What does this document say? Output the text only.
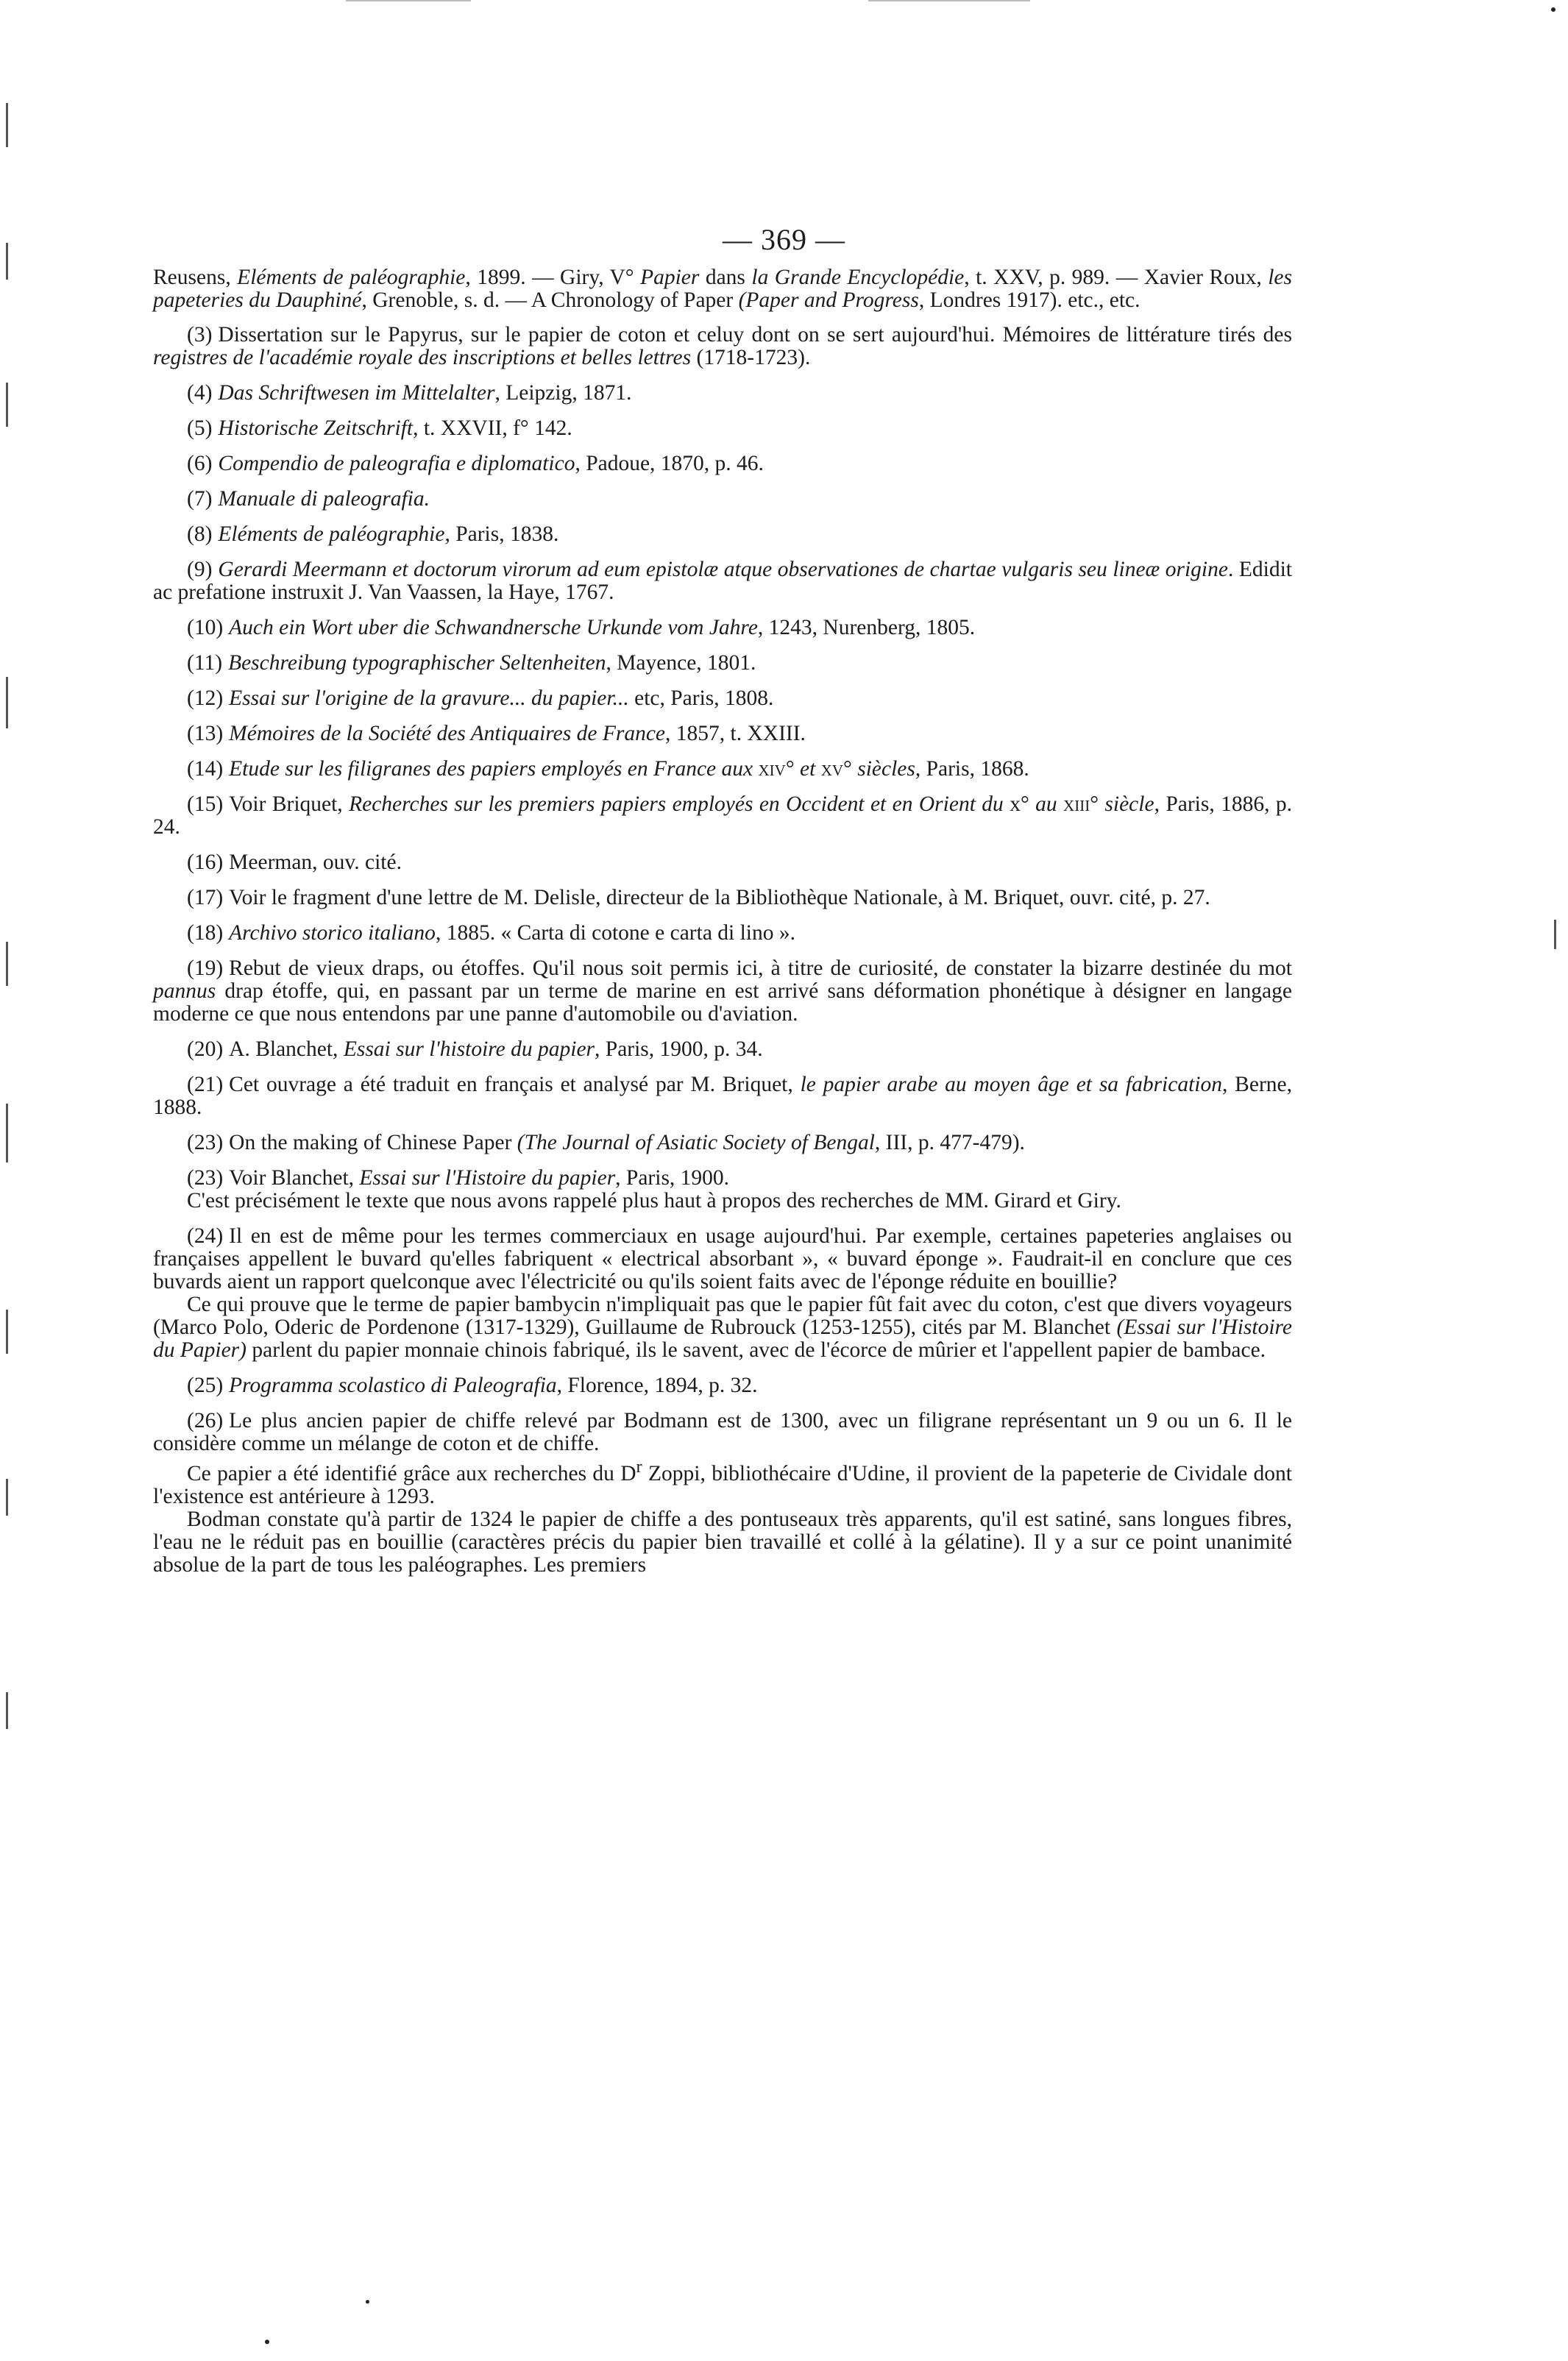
— 369 —
Reusens, Eléments de paléographie, 1899. — Giry, V° Papier dans la Grande Encyclopédie, t. XXV, p. 989. — Xavier Roux, les papeteries du Dauphiné, Grenoble, s. d. — A Chronology of Paper (Paper and Progress, Londres 1917). etc., etc.
(3) Dissertation sur le Papyrus, sur le papier de coton et celuy dont on se sert aujourd'hui. Mémoires de littérature tirés des registres de l'académie royale des inscriptions et belles lettres (1718-1723).
(4) Das Schriftwesen im Mittelalter, Leipzig, 1871.
(5) Historische Zeitschrift, t. XXVII, f° 142.
(6) Compendio de paleografia e diplomatico, Padoue, 1870, p. 46.
(7) Manuale di paleografia.
(8) Eléments de paléographie, Paris, 1838.
(9) Gerardi Meermann et doctorum virorum ad eum epistolæ atque observationes de chartae vulgaris seu lineæ origine. Edidit ac prefatione instruxit J. Van Vaassen, la Haye, 1767.
(10) Auch ein Wort uber die Schwandnersche Urkunde vom Jahre, 1243, Nurenberg, 1805.
(11) Beschreibung typographischer Seltenheiten, Mayence, 1801.
(12) Essai sur l'origine de la gravure... du papier... etc, Paris, 1808.
(13) Mémoires de la Société des Antiquaires de France, 1857, t. XXIII.
(14) Etude sur les filigranes des papiers employés en France aux xiv° et xv° siècles, Paris, 1868.
(15) Voir Briquet, Recherches sur les premiers papiers employés en Occident et en Orient du x° au xiii° siècle, Paris, 1886, p. 24.
(16) Meerman, ouv. cité.
(17) Voir le fragment d'une lettre de M. Delisle, directeur de la Bibliothèque Nationale, à M. Briquet, ouvr. cité, p. 27.
(18) Archivo storico italiano, 1885. « Carta di cotone e carta di lino ».
(19) Rebut de vieux draps, ou étoffes. Qu'il nous soit permis ici, à titre de curiosité, de constater la bizarre destinée du mot pannus drap étoffe, qui, en passant par un terme de marine en est arrivé sans déformation phonétique à désigner en langage moderne ce que nous entendons par une panne d'automobile ou d'aviation.
(20) A. Blanchet, Essai sur l'histoire du papier, Paris, 1900, p. 34.
(21) Cet ouvrage a été traduit en français et analysé par M. Briquet, le papier arabe au moyen âge et sa fabrication, Berne, 1888.
(23) On the making of Chinese Paper (The Journal of Asiatic Society of Bengal, III, p. 477-479).
(23) Voir Blanchet, Essai sur l'Histoire du papier, Paris, 1900.
C'est précisément le texte que nous avons rappelé plus haut à propos des recherches de MM. Girard et Giry.
(24) Il en est de même pour les termes commerciaux en usage aujourd'hui. Par exemple, certaines papeteries anglaises ou françaises appellent le buvard qu'elles fabriquent « electrical absorbant », « buvard éponge ». Faudrait-il en conclure que ces buvards aient un rapport quelconque avec l'électricité ou qu'ils soient faits avec de l'éponge réduite en bouillie?
Ce qui prouve que le terme de papier bambycin n'impliquait pas que le papier fût fait avec du coton, c'est que divers voyageurs (Marco Polo, Oderic de Pordenone (1317-1329), Guillaume de Rubrouck (1253-1255), cités par M. Blanchet (Essai sur l'Histoire du Papier) parlent du papier monnaie chinois fabriqué, ils le savent, avec de l'écorce de mûrier et l'appellent papier de bambace.
(25) Programma scolastico di Paleografia, Florence, 1894, p. 32.
(26) Le plus ancien papier de chiffe relevé par Bodmann est de 1300, avec un filigrane représentant un 9 ou un 6. Il le considère comme un mélange de coton et de chiffe.
Ce papier a été identifié grâce aux recherches du $D^r$ Zoppi, bibliothécaire d'Udine, il provient de la papeterie de Cividale dont l'existence est antérieure à 1293.
Bodman constate qu'à partir de 1324 le papier de chiffe a des pontuseaux très apparents, qu'il est satiné, sans longues fibres, l'eau ne le réduit pas en bouillie (caractères précis du papier bien travaillé et collé à la gélatine). Il y a sur ce point unanimité absolue de la part de tous les paléographes. Les premiers
